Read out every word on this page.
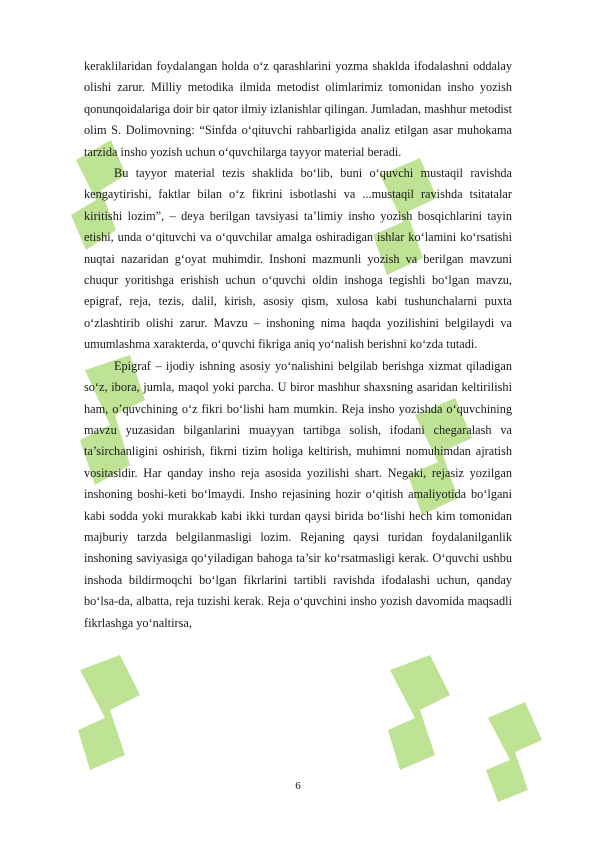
keraklilaridan foydalangan holda o‘z qarashlarini yozma shaklda ifodalashni oddalay olishi zarur. Milliy metodika ilmida metodist olimlarimiz tomonidan insho yozish qonunqoidalariga doir bir qator ilmiy izlanishlar qilingan. Jumladan, mashhur metodist olim S. Dolimovning: “Sinfda o‘qituvchi rahbarligida analiz etilgan asar muhokama tarzida insho yozish uchun o‘quvchilarga tayyor material beradi.

Bu tayyor material tezis shaklida bo‘lib, buni o‘quvchi mustaqil ravishda kengaytirishi, faktlar bilan o‘z fikrini isbotlashi va ...mustaqil ravishda tsitatalar kiritishi lozim”, – deya berilgan tavsiyasi ta’limiy insho yozish bosqichlarini tayin etishi, unda o‘qituvchi va o‘quvchilar amalga oshiradigan ishlar ko‘lamini ko‘rsatishi nuqtai nazaridan g‘oyat muhimdir. Inshoni mazmunli yozish va berilgan mavzuni chuqur yoritishga erishish uchun o‘quvchi oldin inshoga tegishli bo‘lgan mavzu, epigraf, reja, tezis, dalil, kirish, asosiy qism, xulosa kabi tushunchalarni puxta o‘zlashtirib olishi zarur. Mavzu – inshoning nima haqda yozilishini belgilaydi va umumlashma xarakterda, o‘quvchi fikriga aniq yo‘nalish berishni ko‘zda tutadi.

Epigraf – ijodiy ishning asosiy yo‘nalishini belgilab berishga xizmat qiladigan so‘z, ibora, jumla, maqol yoki parcha. U biror mashhur shaxsning asaridan keltirilishi ham, o’quvchining o‘z fikri bo‘lishi ham mumkin. Reja insho yozishda o‘quvchining mavzu yuzasidan bilganlarini muayyan tartibga solish, ifodani chegaralash va ta’sirchanligini oshirish, fikrni tizim holiga keltirish, muhimni nomuhimdan ajratish vositasidir. Har qanday insho reja asosida yozilishi shart. Negaki, rejasiz yozilgan inshoning boshi-keti bo‘lmaydi. Insho rejasining hozir o‘qitish amaliyotida bo‘lgani kabi sodda yoki murakkab kabi ikki turdan qaysi birida bo‘lishi hech kim tomonidan majburiy tarzda belgilanmasligi lozim. Rejaning qaysi turidan foydalanilganlik inshoning saviyasiga qo‘yiladigan bahoga ta’sir ko‘rsatmasligi kerak. O‘quvchi ushbu inshoda bildirmoqchi bo‘lgan fikrlarini tartibli ravishda ifodalashi uchun, qanday bo‘lsa-da, albatta, reja tuzishi kerak. Reja o‘quvchini insho yozish davomida maqsadli fikrlashga yo‘naltirsa,

6
